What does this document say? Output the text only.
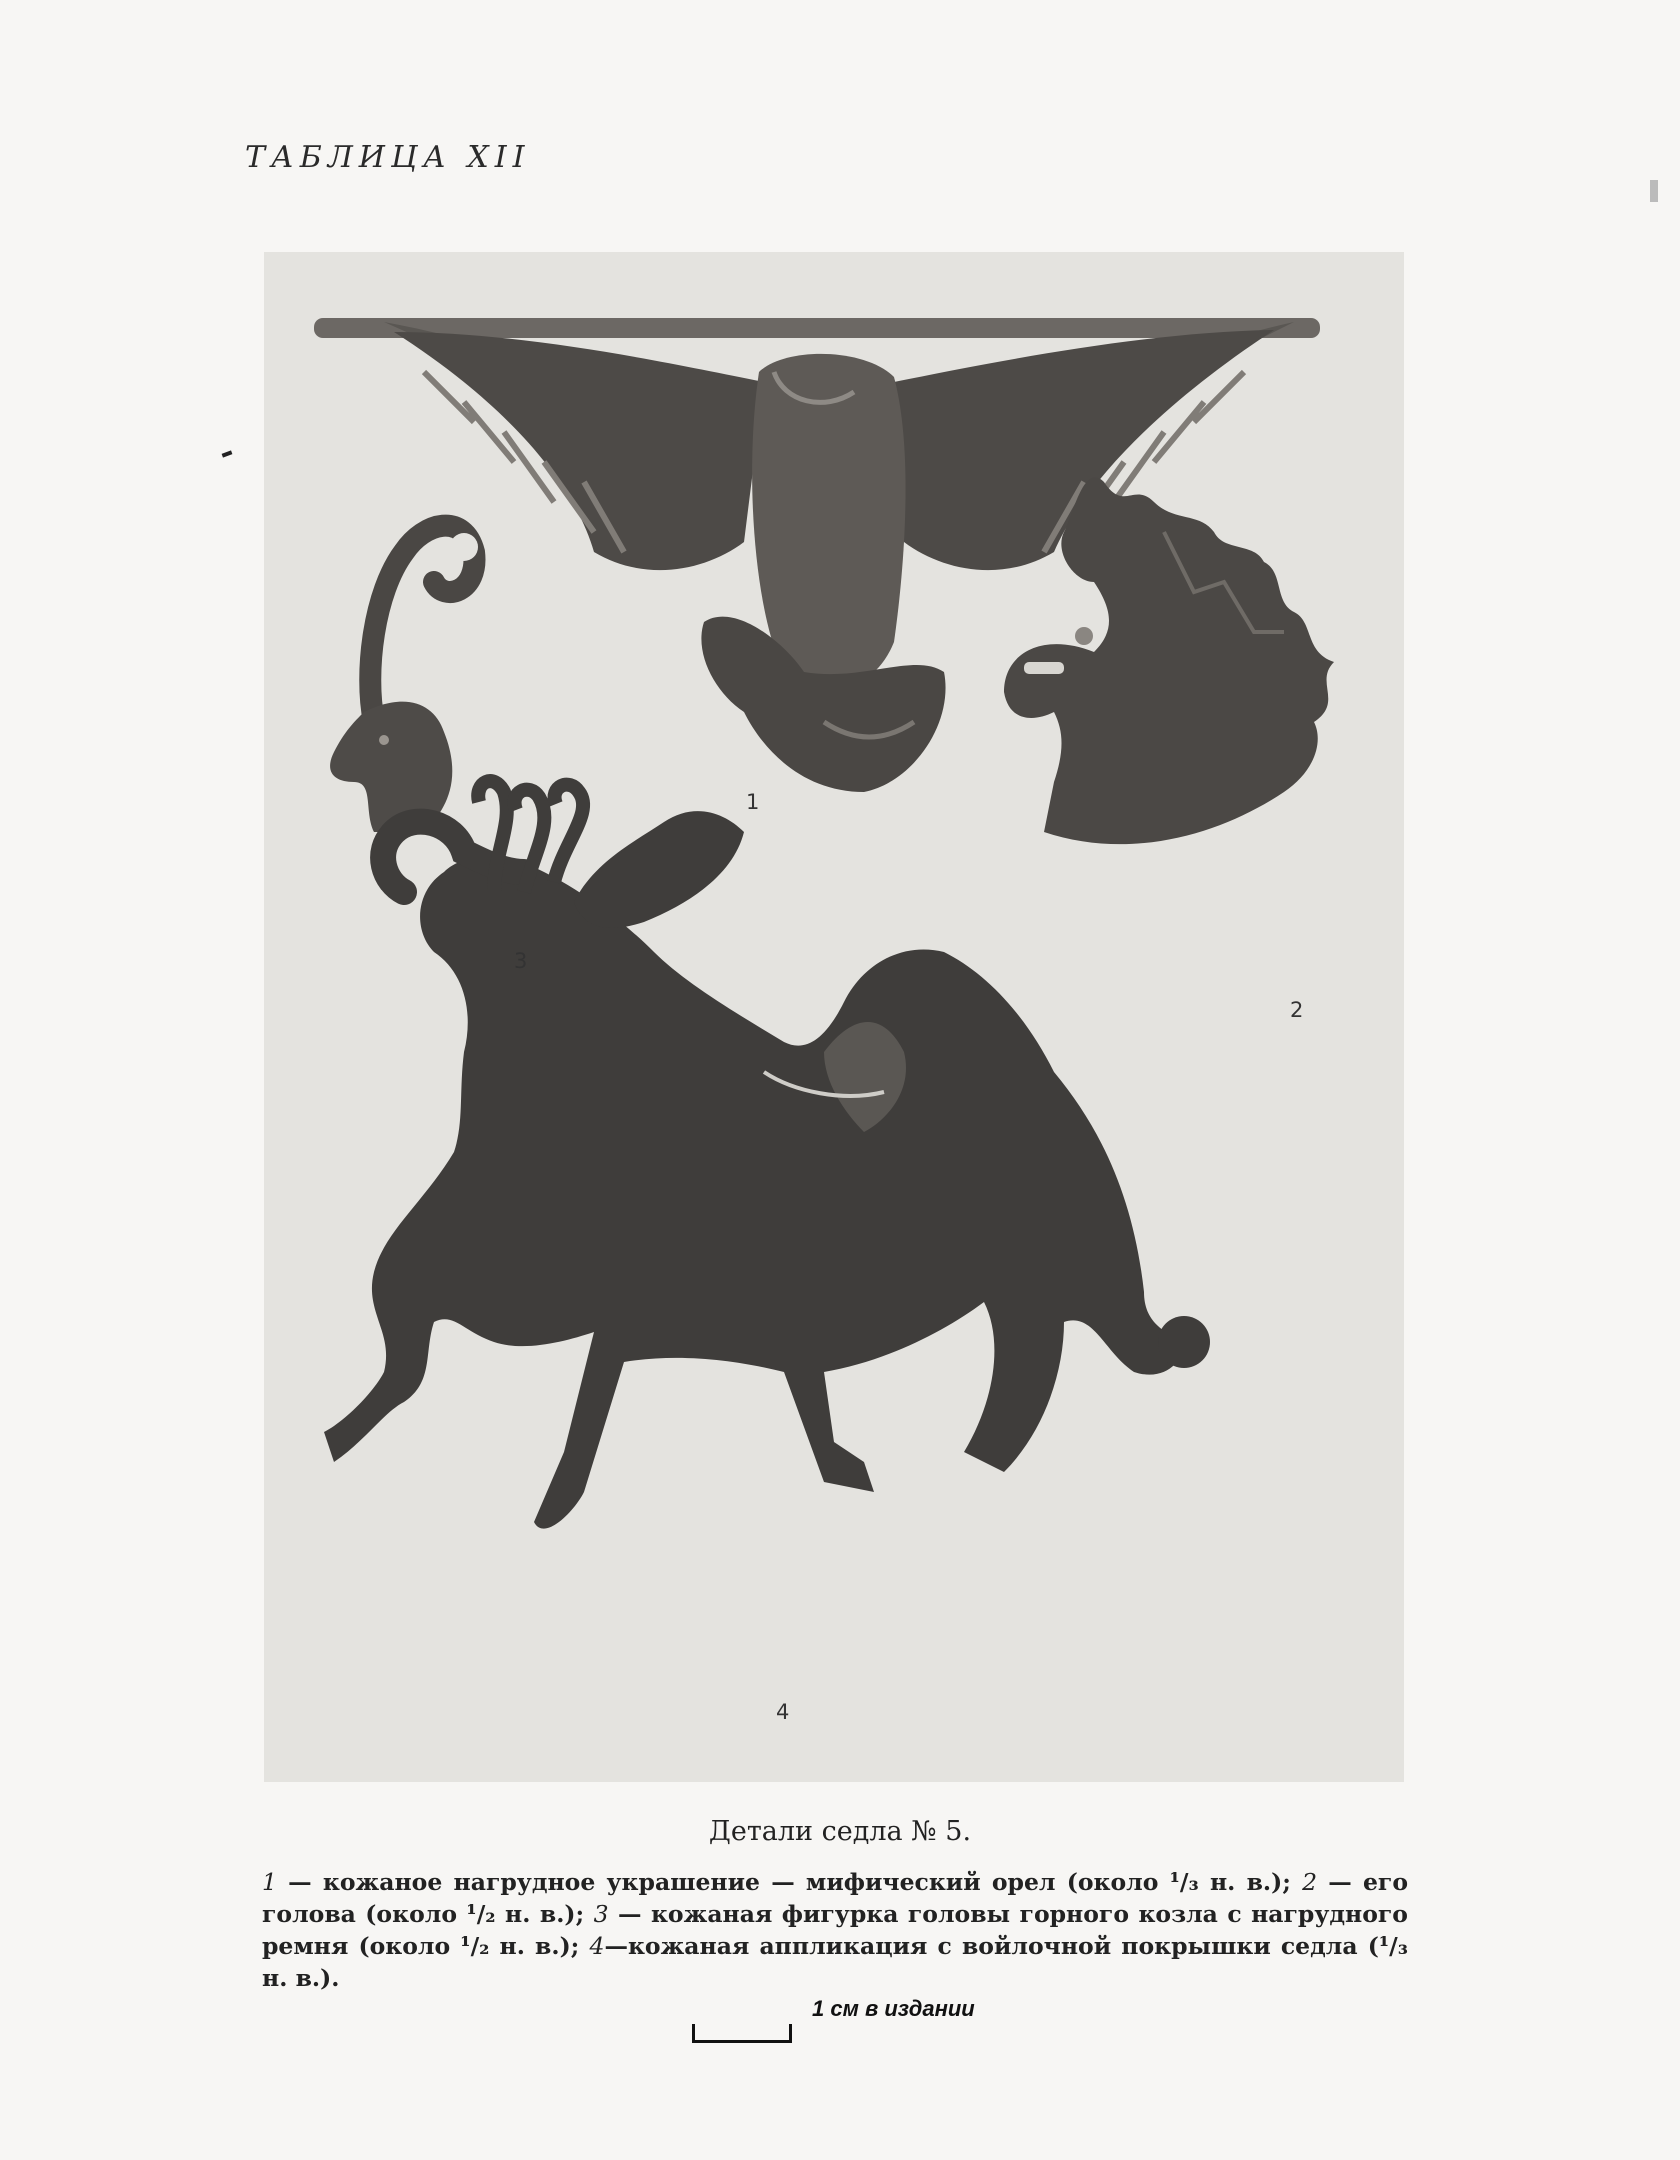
ТАБЛИЦА XII
1
2
3
4
Детали седла № 5.
1 — кожаное нагрудное украшение — мифический орел (около ¹/₃ н. в.); 2 — его голова (около ¹/₂ н. в.); 3 — кожаная фигурка головы горного козла с нагрудного ремня (около ¹/₂ н. в.); 4—кожаная аппликация с войлочной покрышки седла (¹/₃ н. в.).
1 см в издании
